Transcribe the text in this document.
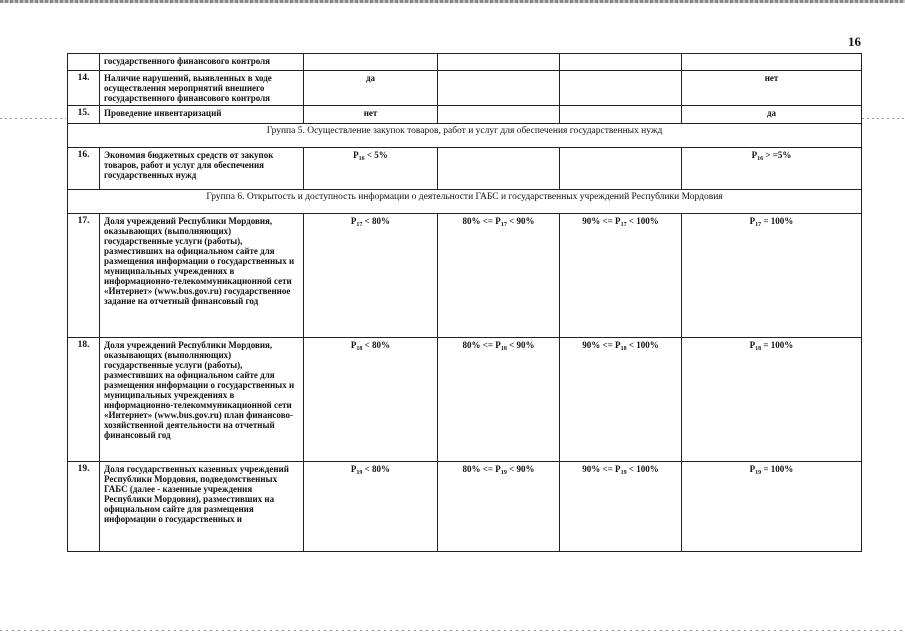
16
	государственного финансового контроля				
14.	Наличие нарушений, выявленных в ходе осуществления мероприятий внешнего государственного финансового контроля	да			нет
15.	Проведение инвентаризаций	нет			да
Группа 5. Осуществление закупок товаров, работ и услуг для обеспечения государственных нужд					
16.	Экономия бюджетных средств от закупок товаров, работ и услуг для обеспечения государственных нужд	$P_{16} < 5\%$			$P_{16} > =5\%$
Группа 6. Открытость и доступность информации о деятельности ГАБС и государственных учреждений Республики Мордовия					
17.	Доля учреждений Республики Мордовия, оказывающих (выполняющих) государственные услуги (работы), разместивших на официальном сайте для размещения информации о государственных и муниципальных учреждениях в информационно-телекоммуникационной сети «Интернет» (www.bus.gov.ru) государственное задание на отчетный финансовый год	$P_{17} < 80\%$	$80\% <= P_{17} < 90\%$	$90\% <= P_{17} < 100\%$	$P_{17} = 100\%$
18.	Доля учреждений Республики Мордовия, оказывающих (выполняющих) государственные услуги (работы), разместивших на официальном сайте для размещения информации о государственных и муниципальных учреждениях в информационно-телекоммуникационной сети «Интернет» (www.bus.gov.ru) план финансово-хозяйственной деятельности на отчетный финансовый год	$P_{18} < 80\%$	$80\% <= P_{18} < 90\%$	$90\% <= P_{18} < 100\%$	$P_{18} = 100\%$
19.	Доля государственных казенных учреждений Республики Мордовия, подведомственных ГАБС (далее - казенные учреждения Республики Мордовия), разместивших на официальном сайте для размещения информации о государственных и	$P_{19} < 80\%$	$80\% <= P_{19} < 90\%$	$90\% <= P_{19} < 100\%$	$P_{19} = 100\%$
